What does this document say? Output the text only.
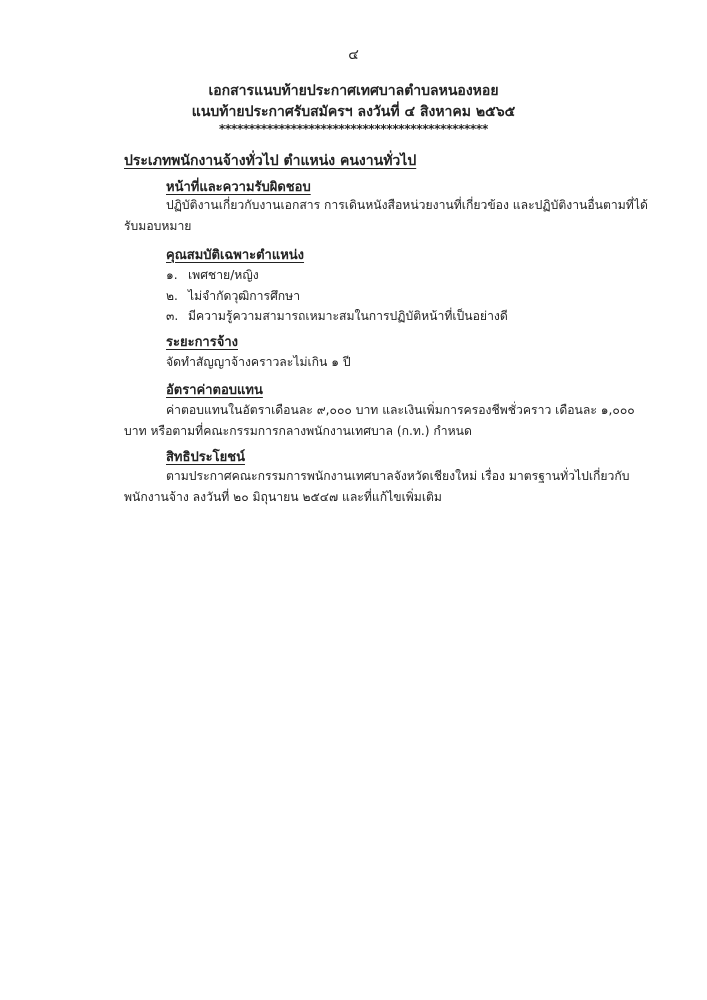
๔
เอกสารแนบท้ายประกาศเทศบาลตำบลหนองหอย
แนบท้ายประกาศรับสมัครฯ ลงวันที่ ๔ สิงหาคม ๒๕๖๕
*********************************************
ประเภทพนักงานจ้างทั่วไป ตำแหน่ง คนงานทั่วไป
หน้าที่และความรับผิดชอบ
ปฏิบัติงานเกี่ยวกับงานเอกสาร การเดินหนังสือหน่วยงานที่เกี่ยวข้อง และปฏิบัติงานอื่นตามที่ได้รับมอบหมาย
คุณสมบัติเฉพาะตำแหน่ง
๑. เพศชาย/หญิง
๒. ไม่จำกัดวุฒิการศึกษา
๓. มีความรู้ความสามารถเหมาะสมในการปฏิบัติหน้าที่เป็นอย่างดี
ระยะการจ้าง
จัดทำสัญญาจ้างคราวละไม่เกิน ๑ ปี
อัตราค่าตอบแทน
ค่าตอบแทนในอัตราเดือนละ ๙,๐๐๐ บาท และเงินเพิ่มการครองชีพชั่วคราว เดือนละ ๑,๐๐๐ บาท หรือตามที่คณะกรรมการกลางพนักงานเทศบาล (ก.ท.) กำหนด
สิทธิประโยชน์
ตามประกาศคณะกรรมการพนักงานเทศบาลจังหวัดเชียงใหม่ เรื่อง มาตรฐานทั่วไปเกี่ยวกับพนักงานจ้าง ลงวันที่ ๒๐ มิถุนายน ๒๕๔๗ และที่แก้ไขเพิ่มเติม
